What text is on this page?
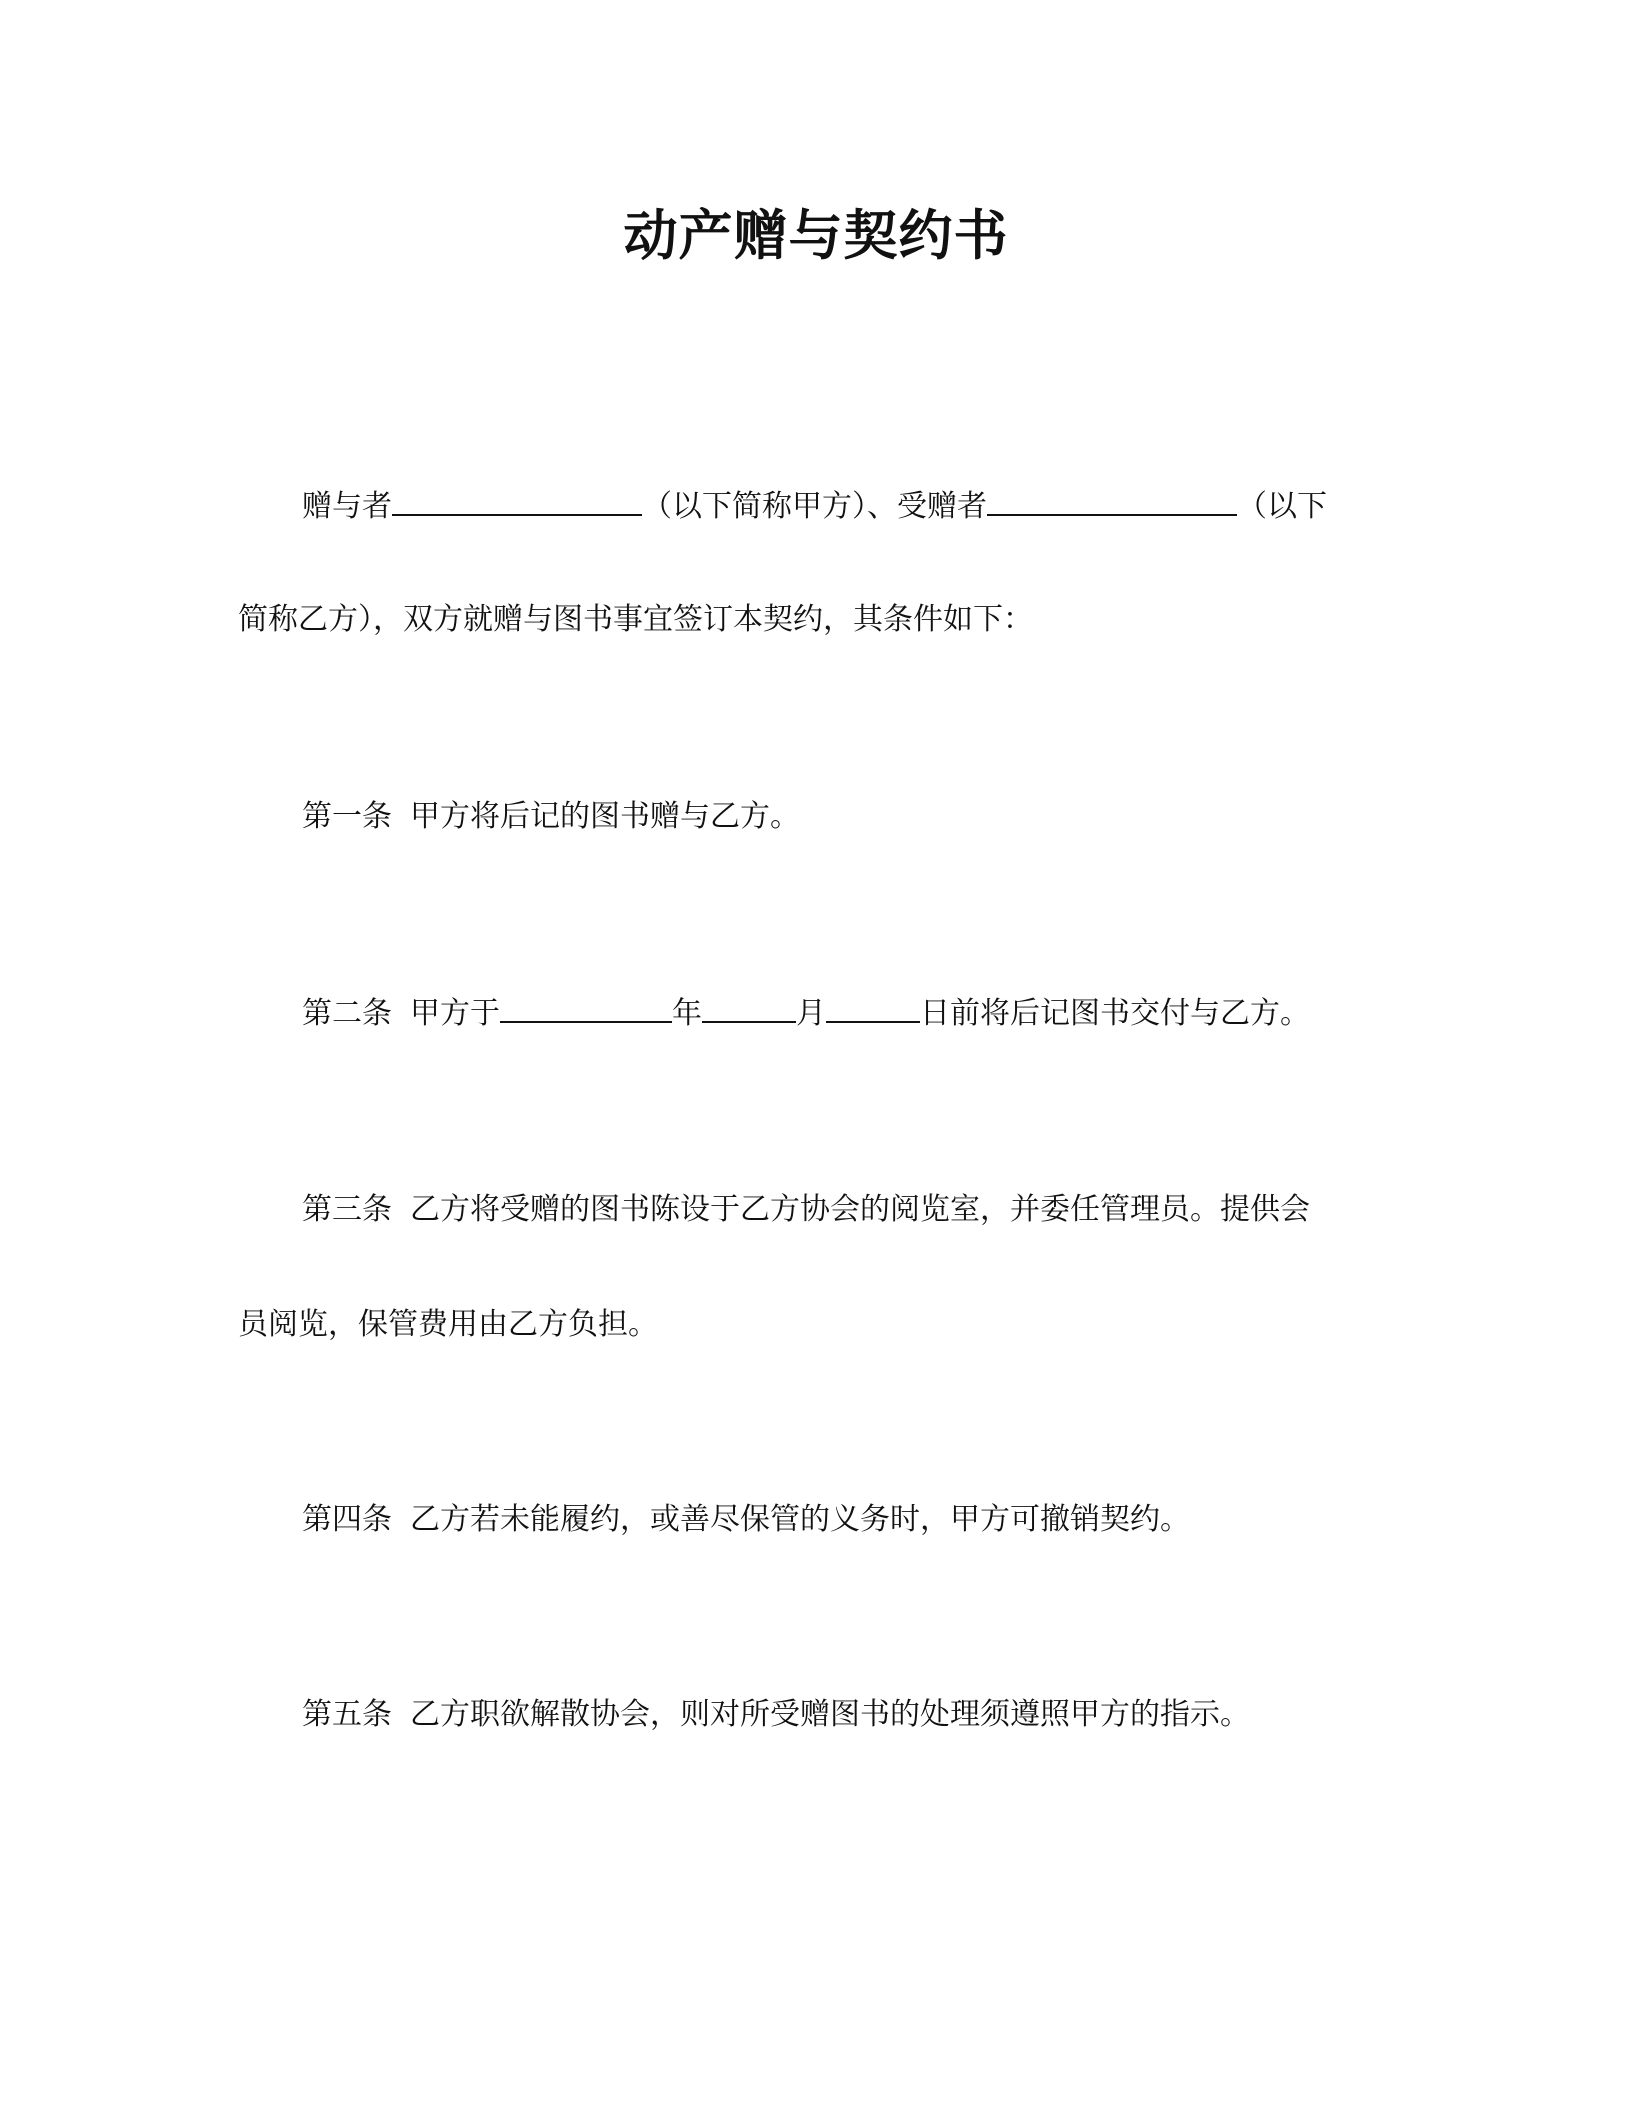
动产赠与契约书
赠与者	（以下简称甲方）、受赠者	（以下
简称乙方），双方就赠与图书事宜签订本契约，其条件如下：
第一条 甲方将后记的图书赠与乙方。
第二条 甲方于	年	月	日前将后记图书交付与乙方。
第三条 乙方将受赠的图书陈设于乙方协会的阅览室，并委任管理员。提供会
员阅览，保管费用由乙方负担。
第四条 乙方若未能履约，或善尽保管的义务时，甲方可撤销契约。
第五条 乙方职欲解散协会，则对所受赠图书的处理须遵照甲方的指示。
